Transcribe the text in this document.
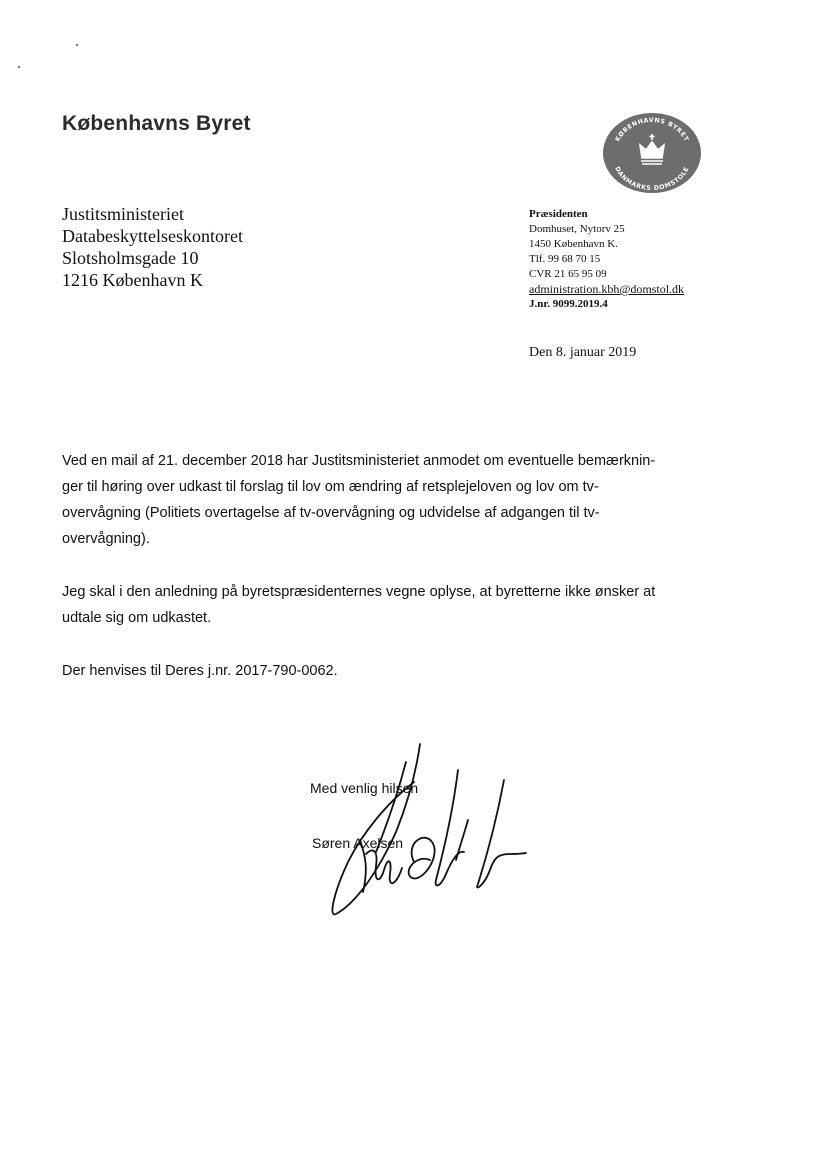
Københavns Byret
KØBENHAVNS BYRET
DANMARKS DOMSTOLE
Justitsministeriet
Databeskyttelseskontoret
Slotsholmsgade 10
1216 København K
Præsidenten
Domhuset, Nytorv 25
1450 København K.
Tlf. 99 68 70 15
CVR 21 65 95 09
administration.kbh@domstol.dk
J.nr. 9099.2019.4
Den 8. januar 2019
Ved en mail af 21. december 2018 har Justitsministeriet anmodet om eventuelle bemærknin-
ger til høring over udkast til forslag til lov om ændring af retsplejeloven og lov om tv-
overvågning (Politiets overtagelse af tv-overvågning og udvidelse af adgangen til tv-
overvågning).
Jeg skal i den anledning på byretspræsidenternes vegne oplyse, at byretterne ikke ønsker at
udtale sig om udkastet.
Der henvises til Deres j.nr. 2017-790-0062.
Med venlig hilsen
Søren Axelsen
